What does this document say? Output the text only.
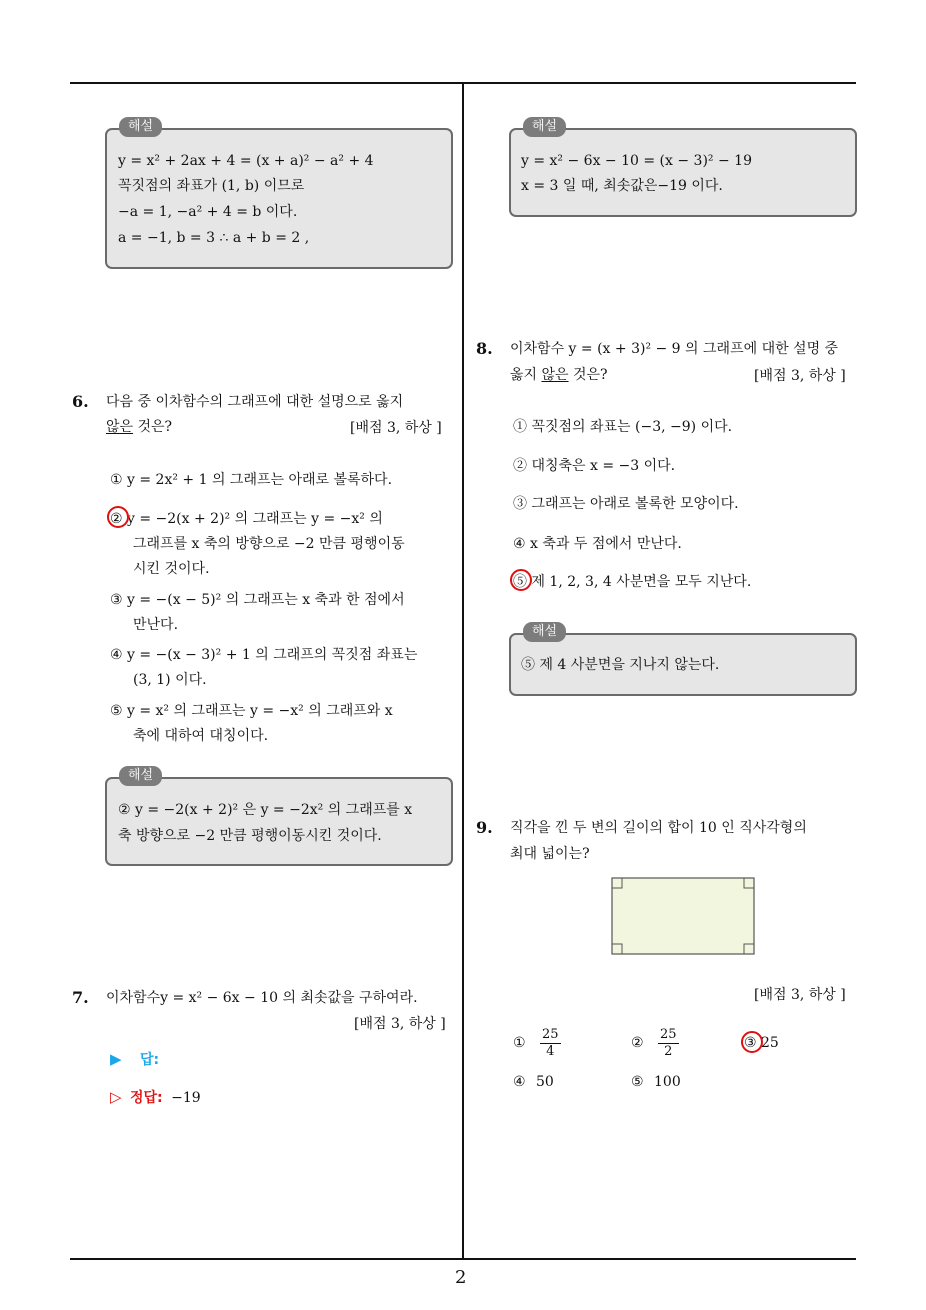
2
해설
y = x² + 2ax + 4 = (x + a)² − a² + 4
꼭짓점의 좌표가 (1, b) 이므로
−a = 1, −a² + 4 = b 이다.
a = −1, b = 3 ∴ a + b = 2 ,
6. 다음 중 이차함수의 그래프에 대한 설명으로 옳지
않은 것은?	[배점 3, 하상 ]
① y = 2x² + 1 의 그래프는 아래로 볼록하다.
② y = −2(x + 2)² 의 그래프는 y = −x² 의
그래프를 x 축의 방향으로 −2 만큼 평행이동
시킨 것이다.
③ y = −(x − 5)² 의 그래프는 x 축과 한 점에서
만난다.
④ y = −(x − 3)² + 1 의 그래프의 꼭짓점 좌표는
(3, 1) 이다.
⑤ y = x² 의 그래프는 y = −x² 의 그래프와 x
축에 대하여 대칭이다.
해설
② y = −2(x + 2)² 은 y = −2x² 의 그래프를 x
축 방향으로 −2 만큼 평행이동시킨 것이다.
7. 이차함수y = x² − 6x − 10 의 최솟값을 구하여라.
[배점 3, 하상 ]
▶ 답:
▷ 정답: −19
해설
y = x² − 6x − 10 = (x − 3)² − 19
x = 3 일 때, 최솟값은−19 이다.
8. 이차함수 y = (x + 3)² − 9 의 그래프에 대한 설명 중
옳지 않은 것은?	[배점 3, 하상 ]
① 꼭짓점의 좌표는 (−3, −9) 이다.
② 대칭축은 x = −3 이다.
③ 그래프는 아래로 볼록한 모양이다.
④ x 축과 두 점에서 만난다.
⑤ 제 1, 2, 3, 4 사분면을 모두 지난다.
해설
⑤ 제 4 사분면을 지나지 않는다.
9. 직각을 낀 두 변의 길이의 합이 10 인 직사각형의
최대 넓이는?
[배점 3, 하상 ]
① $\frac{25}{4}$	② $\frac{25}{2}$	③ 25
④ 50	⑤ 100
